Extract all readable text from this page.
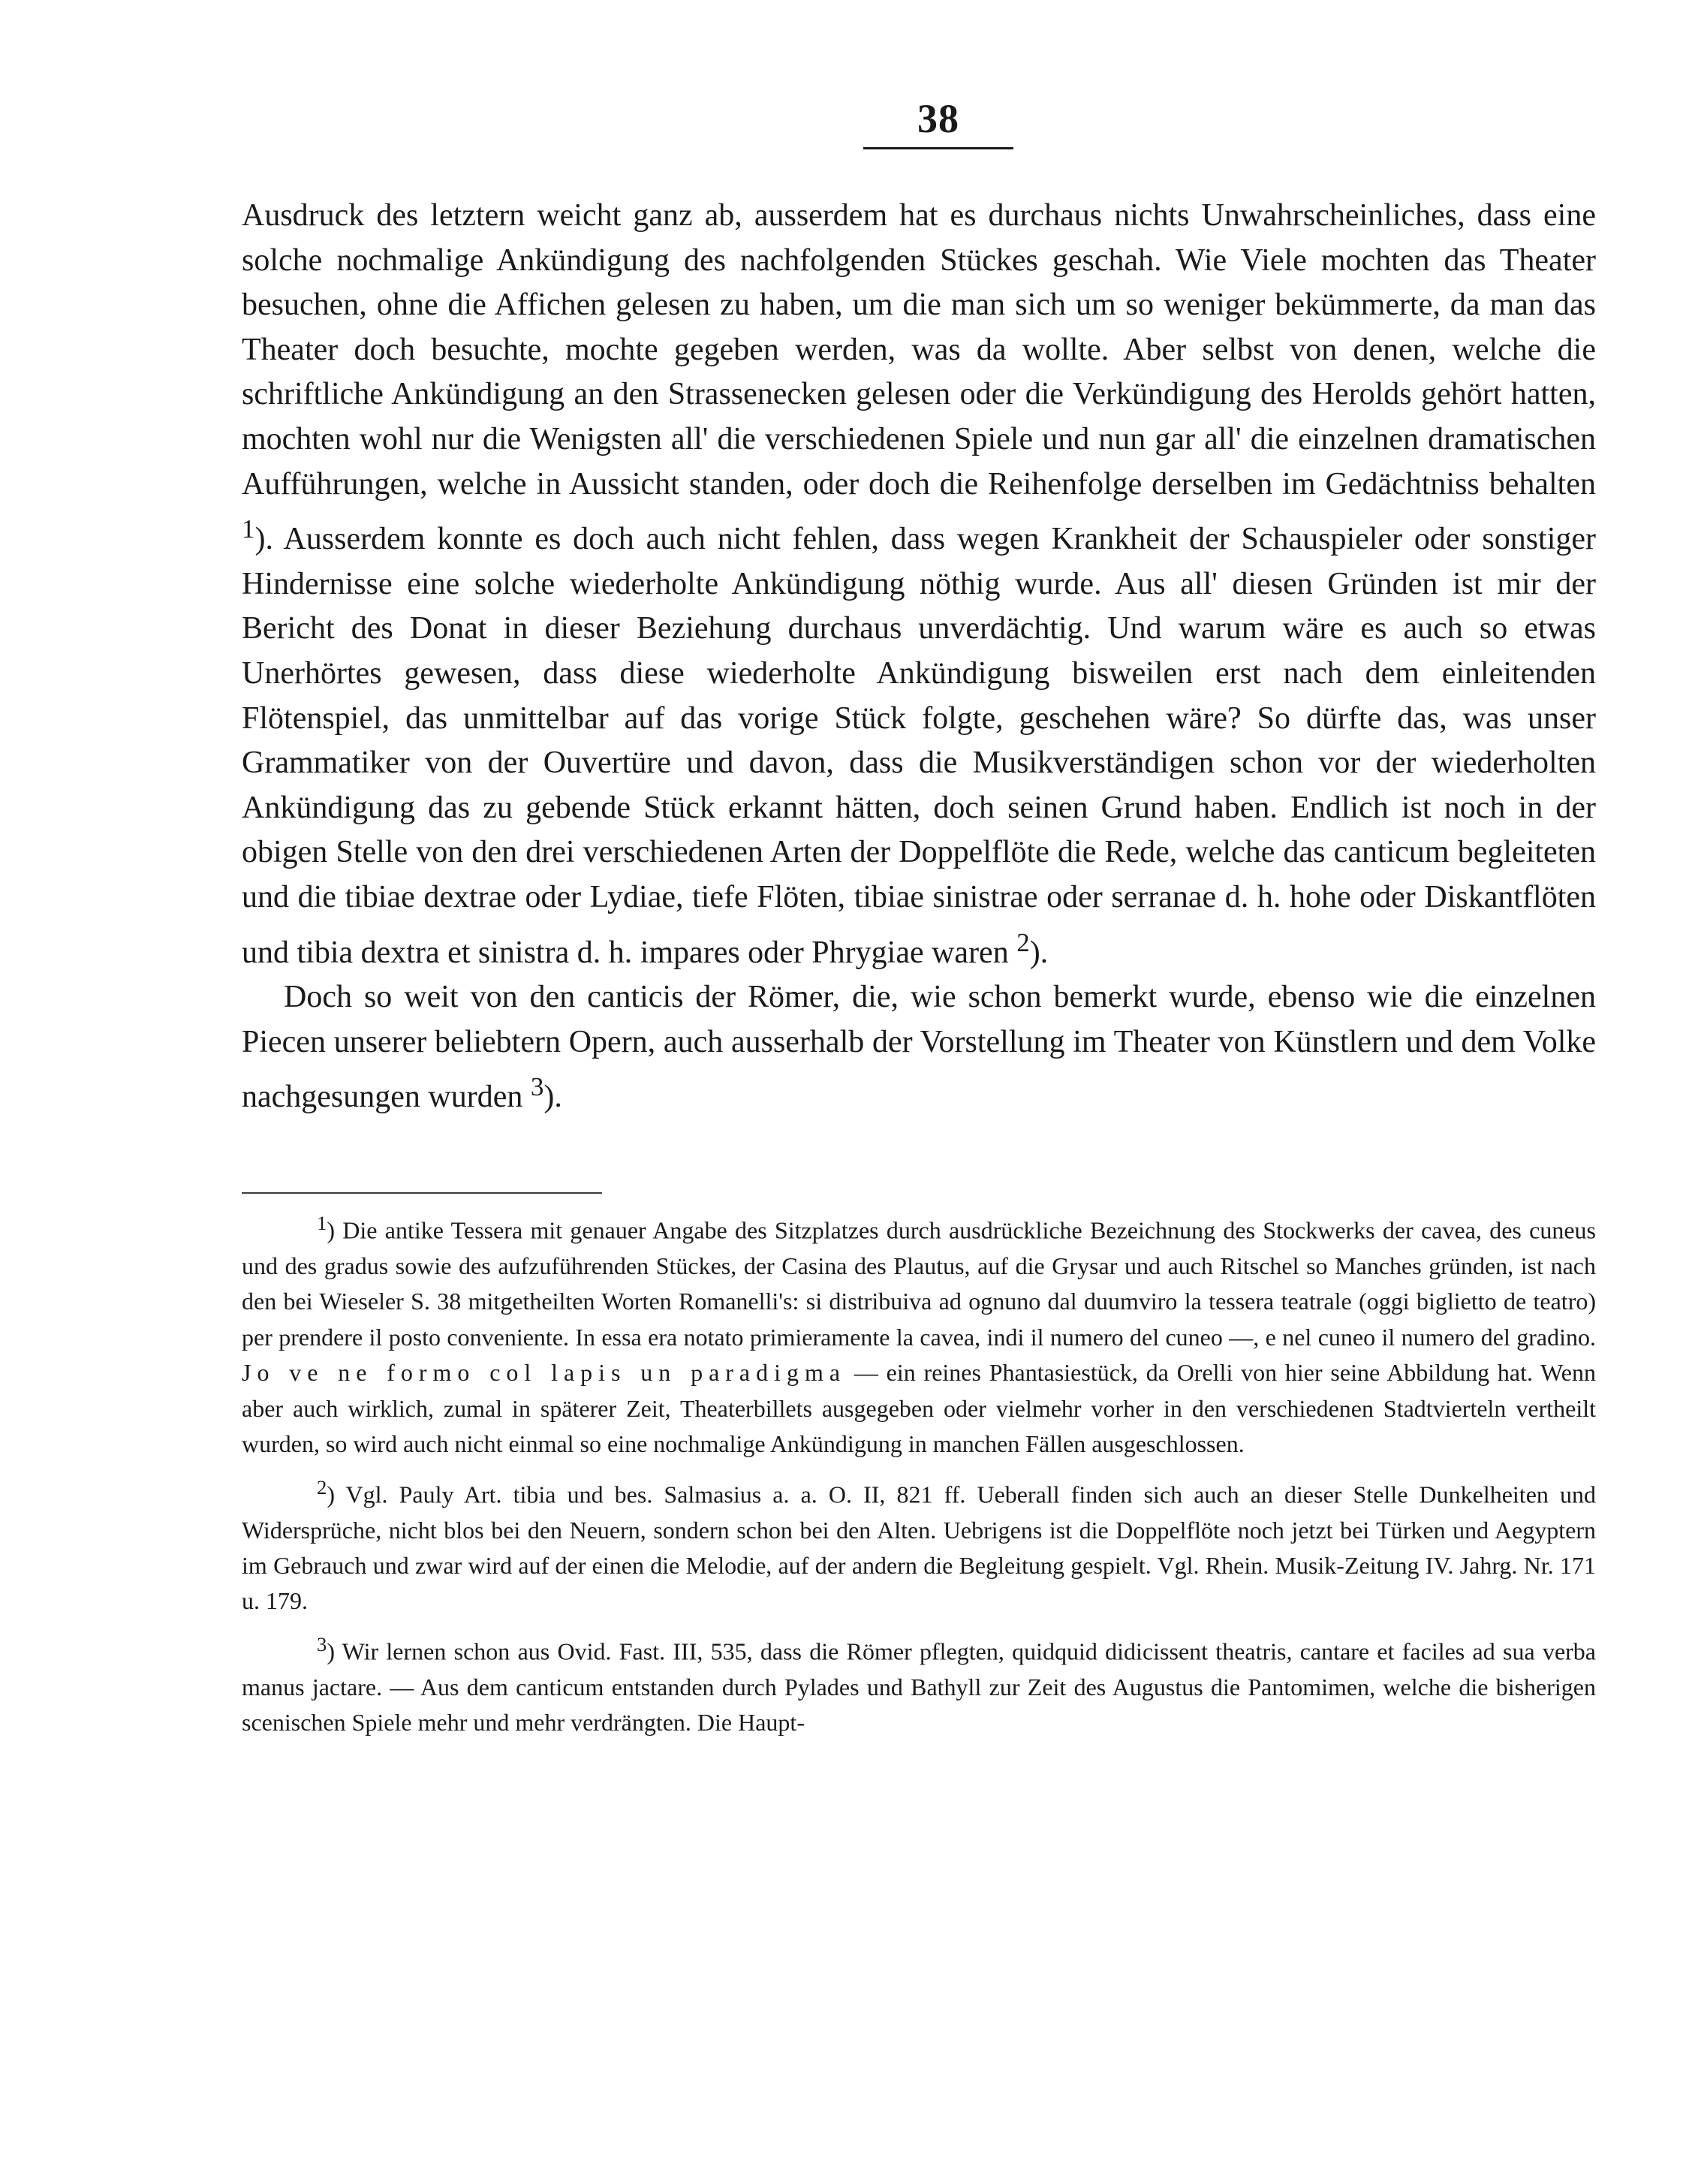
38

Ausdruck des letztern weicht ganz ab, ausserdem hat es durchaus nichts Unwahrscheinliches, dass eine solche nochmalige Ankündigung des nachfolgenden Stückes geschah. Wie Viele mochten das Theater besuchen, ohne die Affichen gelesen zu haben, um die man sich um so weniger bekümmerte, da man das Theater doch besuchte, mochte gegeben werden, was da wollte. Aber selbst von denen, welche die schriftliche Ankündigung an den Strassenecken gelesen oder die Verkündigung des Herolds gehört hatten, mochten wohl nur die Wenigsten all' die verschiedenen Spiele und nun gar all' die einzelnen dramatischen Aufführungen, welche in Aussicht standen, oder doch die Reihenfolge derselben im Gedächtniss behalten $^1$). Ausserdem konnte es doch auch nicht fehlen, dass wegen Krankheit der Schauspieler oder sonstiger Hindernisse eine solche wiederholte Ankündigung nöthig wurde. Aus all' diesen Gründen ist mir der Bericht des Donat in dieser Beziehung durchaus unverdächtig. Und warum wäre es auch so etwas Unerhörtes gewesen, dass diese wiederholte Ankündigung bisweilen erst nach dem einleitenden Flötenspiel, das unmittelbar auf das vorige Stück folgte, geschehen wäre? So dürfte das, was unser Grammatiker von der Ouvertüre und davon, dass die Musikverständigen schon vor der wiederholten Ankündigung das zu gebende Stück erkannt hätten, doch seinen Grund haben. Endlich ist noch in der obigen Stelle von den drei verschiedenen Arten der Doppelflöte die Rede, welche das canticum begleiteten und die tibiae dextrae oder Lydiae, tiefe Flöten, tibiae sinistrae oder serranae d. h. hohe oder Diskantflöten und tibia dextra et sinistra d. h. impares oder Phrygiae waren $^2$).

Doch so weit von den canticis der Römer, die, wie schon bemerkt wurde, ebenso wie die einzelnen Piecen unserer beliebtern Opern, auch ausserhalb der Vorstellung im Theater von Künstlern und dem Volke nachgesungen wurden $^3$).

$^1$) Die antike Tessera mit genauer Angabe des Sitzplatzes durch ausdrückliche Bezeichnung des Stockwerks der cavea, des cuneus und des gradus sowie des aufzuführenden Stückes, der Casina des Plautus, auf die Grysar und auch Ritschel so Manches gründen, ist nach den bei Wieseler S. 38 mitgetheilten Worten Romanelli's: si distribuiva ad ognuno dal duumviro la tessera teatrale (oggi biglietto de teatro) per prendere il posto conveniente. In essa era notato primieramente la cavea, indi il numero del cuneo —, e nel cuneo il numero del gradino. Jo ve ne formo col lapis un paradigma — ein reines Phantasiestück, da Orelli von hier seine Abbildung hat. Wenn aber auch wirklich, zumal in späterer Zeit, Theaterbillets ausgegeben oder vielmehr vorher in den verschiedenen Stadtvierteln vertheilt wurden, so wird auch nicht einmal so eine nochmalige Ankündigung in manchen Fällen ausgeschlossen.

$^2$) Vgl. Pauly Art. tibia und bes. Salmasius a. a. O. II, 821 ff. Ueberall finden sich auch an dieser Stelle Dunkelheiten und Widersprüche, nicht blos bei den Neuern, sondern schon bei den Alten. Uebrigens ist die Doppelflöte noch jetzt bei Türken und Aegyptern im Gebrauch und zwar wird auf der einen die Melodie, auf der andern die Begleitung gespielt. Vgl. Rhein. Musik-Zeitung IV. Jahrg. Nr. 171 u. 179.

$^3$) Wir lernen schon aus Ovid. Fast. III, 535, dass die Römer pflegten, quidquid didicissent theatris, cantare et faciles ad sua verba manus jactare. — Aus dem canticum entstanden durch Pylades und Bathyll zur Zeit des Augustus die Pantomimen, welche die bisherigen scenischen Spiele mehr und mehr verdrängten. Die Haupt-
